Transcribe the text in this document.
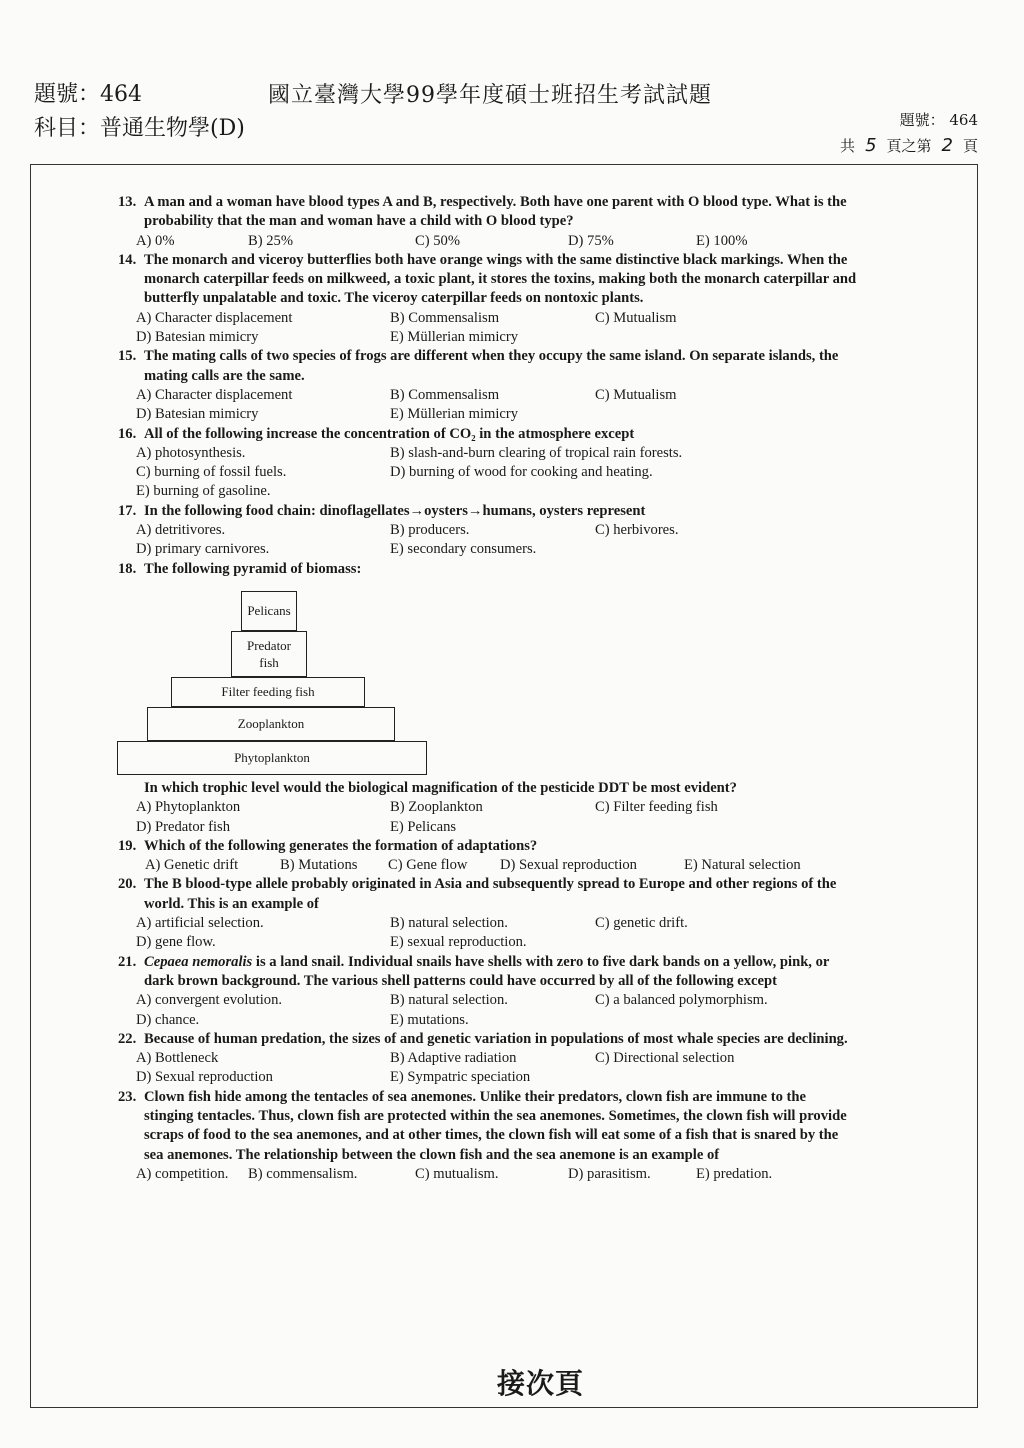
題號：464
科目：普通生物學(D)
國立臺灣大學99學年度碩士班招生考試試題
題號： 464
共 5 頁之第 2 頁
13. A man and a woman have blood types A and B, respectively. Both have one parent with O blood type. What is the probability that the man and woman have a child with O blood type?
A) 0%	B) 25%	C) 50%	D) 75%	E) 100%
14. The monarch and viceroy butterflies both have orange wings with the same distinctive black markings. When the monarch caterpillar feeds on milkweed, a toxic plant, it stores the toxins, making both the monarch caterpillar and butterfly unpalatable and toxic. The viceroy caterpillar feeds on nontoxic plants.
A) Character displacement	B) Commensalism	C) Mutualism
D) Batesian mimicry	E) Müllerian mimicry
15. The mating calls of two species of frogs are different when they occupy the same island. On separate islands, the mating calls are the same.
A) Character displacement	B) Commensalism	C) Mutualism
D) Batesian mimicry	E) Müllerian mimicry
16. All of the following increase the concentration of CO₂ in the atmosphere except
A) photosynthesis.	B) slash-and-burn clearing of tropical rain forests.
C) burning of fossil fuels.	D) burning of wood for cooking and heating.
E) burning of gasoline.
17. In the following food chain: dinoflagellates→oysters→humans, oysters represent
A) detritivores.	B) producers.	C) herbivores.
D) primary carnivores.	E) secondary consumers.
18. The following pyramid of biomass:
Pelicans
Predator fish
Filter feeding fish
Zooplankton
Phytoplankton
In which trophic level would the biological magnification of the pesticide DDT be most evident?
A) Phytoplankton	B) Zooplankton	C) Filter feeding fish
D) Predator fish	E) Pelicans
19. Which of the following generates the formation of adaptations?
A) Genetic drift	B) Mutations C) Gene flow D) Sexual reproduction	E) Natural selection
20. The B blood-type allele probably originated in Asia and subsequently spread to Europe and other regions of the world. This is an example of
A) artificial selection.	B) natural selection.	C) genetic drift.
D) gene flow.	E) sexual reproduction.
21. Cepaea nemoralis is a land snail. Individual snails have shells with zero to five dark bands on a yellow, pink, or dark brown background. The various shell patterns could have occurred by all of the following except
A) convergent evolution.	B) natural selection.	C) a balanced polymorphism.
D) chance.	E) mutations.
22. Because of human predation, the sizes of and genetic variation in populations of most whale species are declining.
A) Bottleneck	B) Adaptive radiation	C) Directional selection
D) Sexual reproduction	E) Sympatric speciation
23. Clown fish hide among the tentacles of sea anemones. Unlike their predators, clown fish are immune to the stinging tentacles. Thus, clown fish are protected within the sea anemones. Sometimes, the clown fish will provide scraps of food to the sea anemones, and at other times, the clown fish will eat some of a fish that is snared by the sea anemones. The relationship between the clown fish and the sea anemone is an example of
A) competition. B) commensalism.	C) mutualism.	D) parasitism.	E) predation.
接次頁
